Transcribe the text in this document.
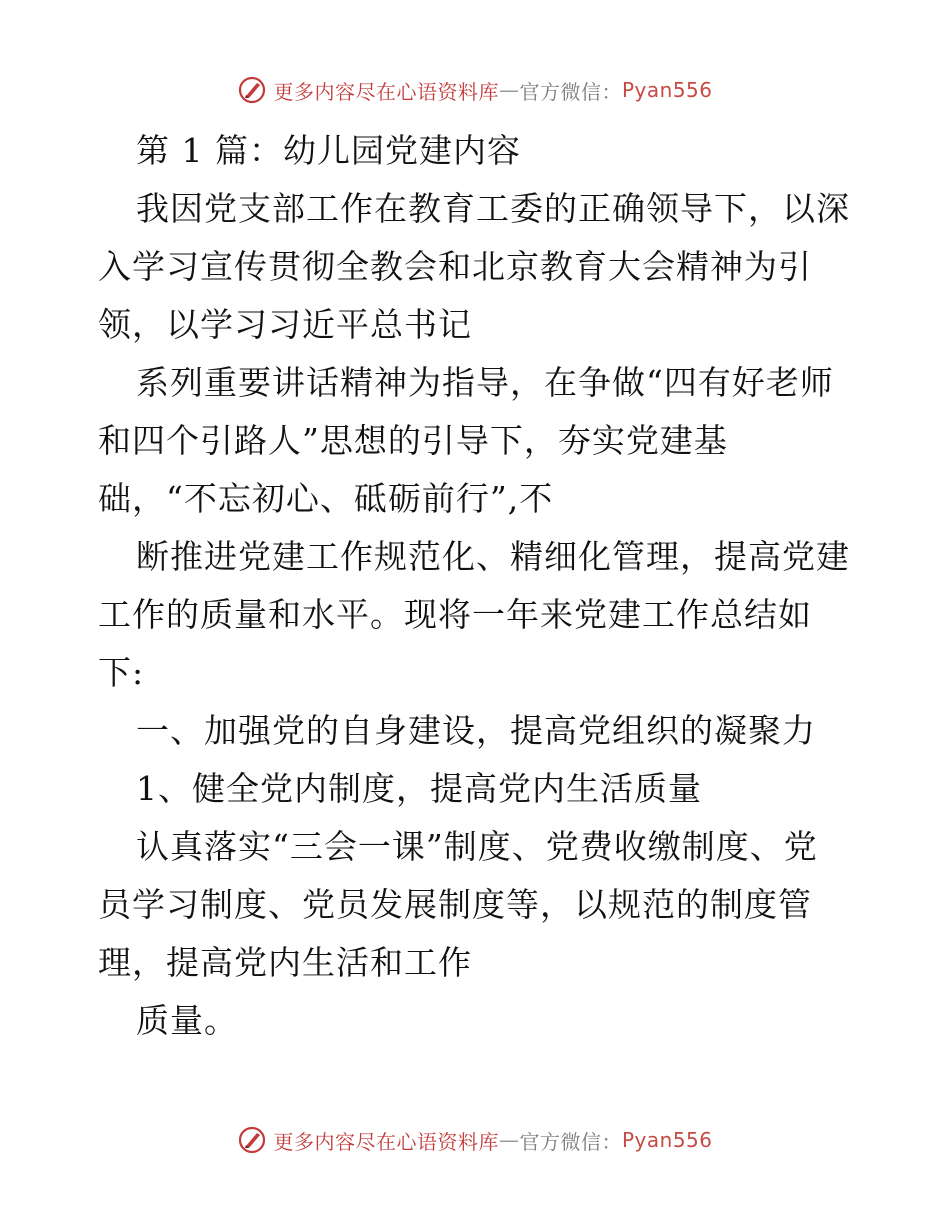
更多内容尽在心语资料库 — 官方微信： Pyan556
第 1 篇：幼儿园党建内容
我因党支部工作在教育工委的正确领导下，以深
入学习宣传贯彻全教会和北京教育大会精神为引
领，以学习习近平总书记
系列重要讲话精神为指导，在争做“四有好老师
和四个引路人”思想的引导下，夯实党建基
础，“不忘初心、砥砺前行”,不
断推进党建工作规范化、精细化管理，提高党建
工作的质量和水平。现将一年来党建工作总结如
下:
一、加强党的自身建设，提高党组织的凝聚力
1、健全党内制度，提高党内生活质量
认真落实“三会一课”制度、党费收缴制度、党
员学习制度、党员发展制度等，以规范的制度管
理，提高党内生活和工作
质量。
更多内容尽在心语资料库 — 官方微信： Pyan556
